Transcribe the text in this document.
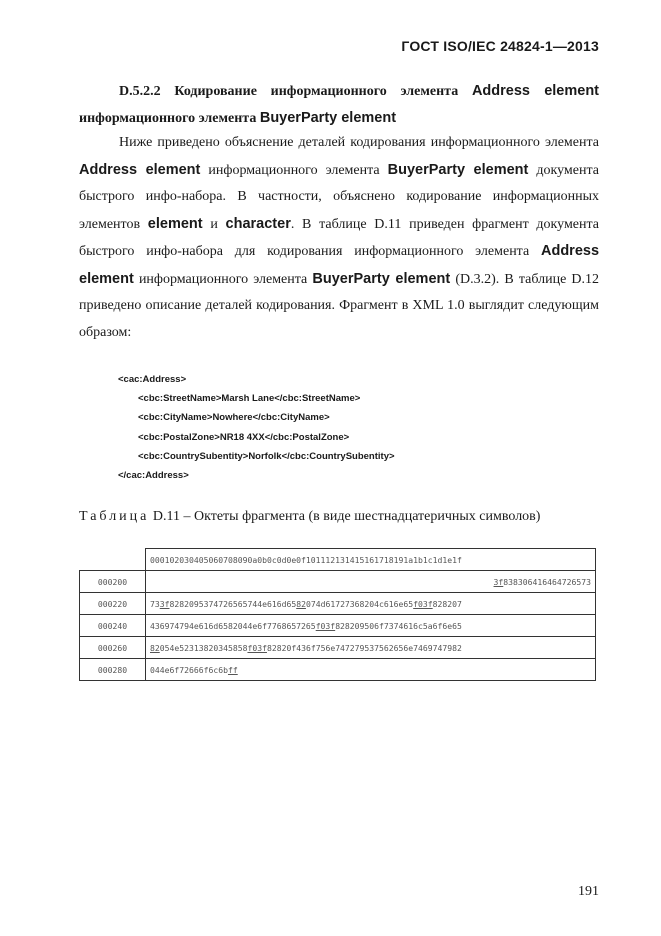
ГОСТ ISO/IEC 24824-1—2013
D.5.2.2 Кодирование информационного элемента Address element информационного элемента BuyerParty element
Ниже приведено объяснение деталей кодирования информационного элемента Address element информационного элемента BuyerParty element документа быстрого инфо-набора. В частности, объяснено кодирование информационных элементов element и character. В таблице D.11 приведен фрагмент документа быстрого инфо-набора для кодирования информационного элемента Address element информационного элемента BuyerParty element (D.3.2). В таблице D.12 приведено описание деталей кодирования. Фрагмент в XML 1.0 выглядит следующим образом:
<cac:Address>
<cbc:StreetName>Marsh Lane</cbc:StreetName>
<cbc:CityName>Nowhere</cbc:CityName>
<cbc:PostalZone>NR18 4XX</cbc:PostalZone>
<cbc:CountrySubentity>Norfolk</cbc:CountrySubentity>
</cac:Address>
Таблица D.11 – Октеты фрагмента (в виде шестнадцатеричных символов)
	000102030405060708090a0b0c0d0e0f101112131415161718191a1b1c1d1e1f
000200	3f838306416464726573
000220	733f8282095374726565744e616d6582074d61727368204c616e65f03f828207
000240	436974794e616d6582044e6f7768657265f03f828209506f7374616c5a6f6e65
000260	82054e52313820345858f03f82820f436f756e747279537562656e7469747982
000280	044e6f72666f6c6bff
191
